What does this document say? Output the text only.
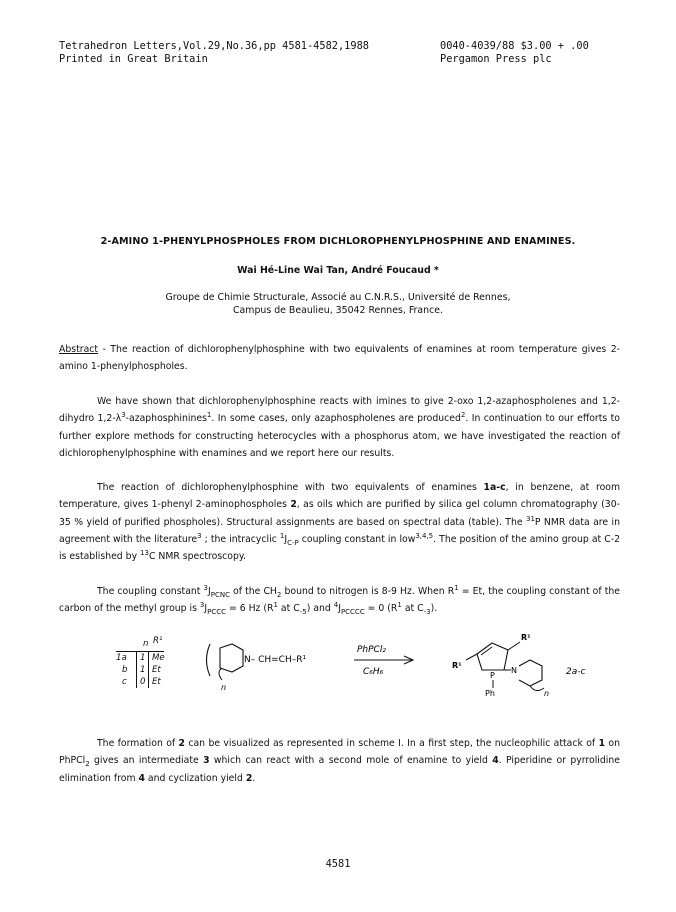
Tetrahedron Letters,Vol.29,No.36,pp 4581-4582,1988
Printed in Great Britain
0040-4039/88 $3.00 + .00
Pergamon Press plc
2-AMINO 1-PHENYLPHOSPHOLES FROM DICHLOROPHENYLPHOSPHINE AND ENAMINES.
Wai Hé-Line Wai Tan, André Foucaud *
Groupe de Chimie Structurale, Associé au C.N.R.S., Université de Rennes,
Campus de Beaulieu, 35042 Rennes, France.

Abstract - The reaction of dichlorophenylphosphine with two equivalents of enamines at room temperature gives 2-amino 1-phenylphospholes.

We have shown that dichlorophenylphosphine reacts with imines to give 2-oxo 1,2-azaphospholenes and 1,2-dihydro $1,2-\lambda^3-azaphosphinines^1$. In some cases, only azaphospholenes are produced$^2$. In continuation to our efforts to further explore methods for constructing heterocycles with a phosphorus atom, we have investigated the reaction of dichlorophenylphosphine with enamines and we report here our results.

The reaction of dichlorophenylphosphine with two equivalents of enamines 1a-c, in benzene, at room temperature, gives 1-phenyl 2-aminophospholes 2, as oils which are purified by silica gel column chromatography (30-35 % yield of purified phospholes). Structural assignments are based on spectral data (table). The $^{31}$P NMR data are in agreement with the literature$^3$ ; the intracyclic $^1J_{C-P}$ coupling constant in low$^{3,4,5}$. The position of the amino group at C-2 is established by $^{13}$C NMR spectroscopy.

The coupling constant $^3J_{PCNC}$ of the $CH_2$ bound to nitrogen is 8-9 Hz. When $R^1 = Et$, the coupling constant of the carbon of the methyl group is $^3J_{PCCC} = 6$ Hz ($R^1$ at $C_{-5}$) and $^4J_{PCCCC} = 0$ ($R^1$ at $C_{-3}$).

n R¹
1a 1 Me
b 1 Et
c 0 Et
n
N– CH=CH–R¹
PhPCl₂
C₆H₆
R¹
R¹
P
Ph
N
n
2a-c

The formation of 2 can be visualized as represented in scheme I. In a first step, the nucleophilic attack of 1 on PhPCl$_2$ gives an intermediate 3 which can react with a second mole of enamine to yield 4. Piperidine or pyrrolidine elimination from 4 and cyclization yield 2.

4581
